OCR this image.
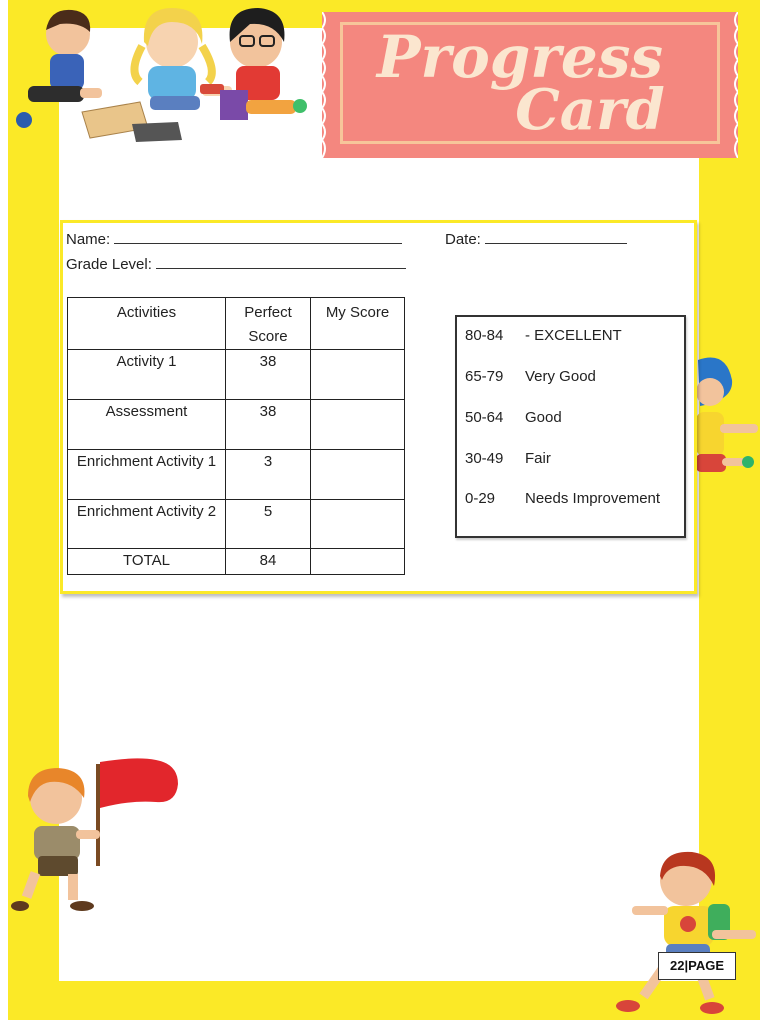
Progress
Card
Name:	Date:
Grade Level:
Activities	Perfect Score	My Score
Activity 1	38	
Assessment	38	
Enrichment Activity 1	3	
Enrichment Activity 2	5	
TOTAL	84	
80-84 - EXCELLENT
65-79 Very Good
50-64 Good
30-49 Fair
0-29 Needs Improvement
22|PAGE
